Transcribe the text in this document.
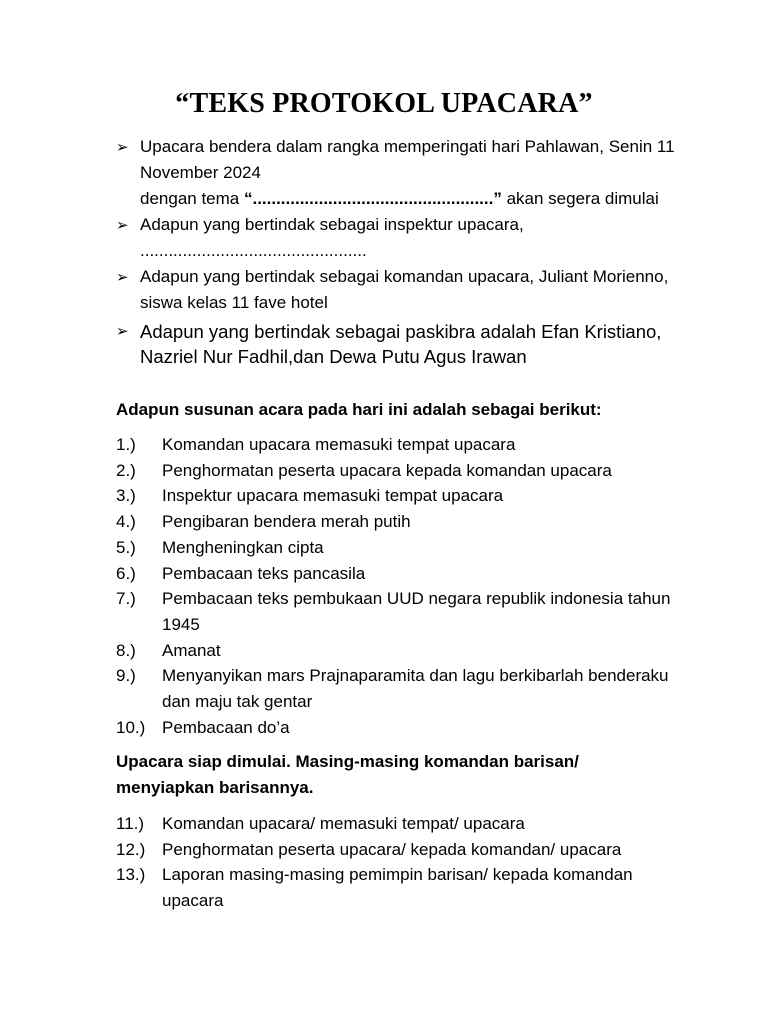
“TEKS PROTOKOL UPACARA”
➢ Upacara bendera dalam rangka memperingati hari Pahlawan, Senin 11 November 2024
dengan tema “...................................................” akan segera dimulai
➢ Adapun yang bertindak sebagai inspektur upacara, ................................................
➢ Adapun yang bertindak sebagai komandan upacara, Juliant Morienno, siswa kelas 11 fave hotel
➢ Adapun yang bertindak sebagai paskibra adalah Efan Kristiano, Nazriel Nur Fadhil,dan Dewa Putu Agus Irawan
Adapun susunan acara pada hari ini adalah sebagai berikut:
1.) Komandan upacara memasuki tempat upacara
2.) Penghormatan peserta upacara kepada komandan upacara
3.) Inspektur upacara memasuki tempat upacara
4.) Pengibaran bendera merah putih
5.) Mengheningkan cipta
6.) Pembacaan teks pancasila
7.) Pembacaan teks pembukaan UUD negara republik indonesia tahun 1945
8.) Amanat
9.) Menyanyikan mars Prajnaparamita dan lagu berkibarlah benderaku dan maju tak gentar
10.) Pembacaan do’a
Upacara siap dimulai. Masing-masing komandan barisan/ menyiapkan barisannya.
11.) Komandan upacara/ memasuki tempat/ upacara
12.) Penghormatan peserta upacara/ kepada komandan/ upacara
13.) Laporan masing-masing pemimpin barisan/ kepada komandan upacara
